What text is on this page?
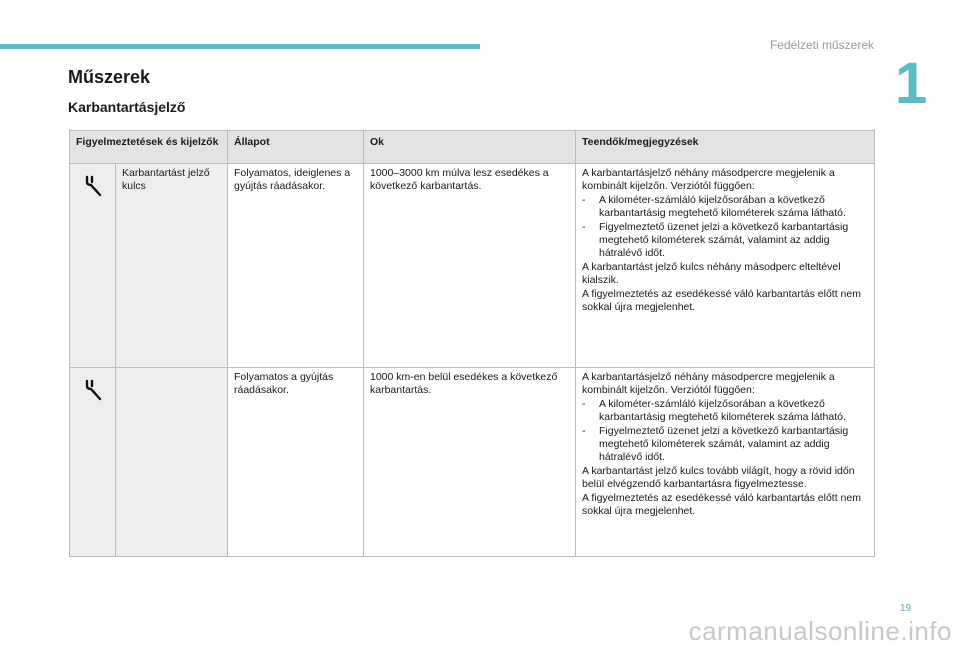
Fedélzeti műszerek
1
Műszerek
Karbantartásjelző
Figyelmeztetések és kijelzők		Állapot	Ok	Teendők/megjegyzések
	Karbantartást jelző kulcs	Folyamatos, ideiglenes a gyújtás ráadásakor.	1000–3000 km múlva lesz esedékes a következő karbantartás.	A karbantartásjelző néhány másodpercre megjelenik a kombinált kijelzőn. Verziótól függően:
- A kilométer-számláló kijelzősorában a következő karbantartásig megtehető kilométerek száma látható.
- Figyelmeztető üzenet jelzi a következő karbantartásig megtehető kilométerek számát, valamint az addig hátralévő időt.
A karbantartást jelző kulcs néhány másodperc elteltével kialszik.
A figyelmeztetés az esedékessé váló karbantartás előtt nem sokkal újra megjelenhet.

		Folyamatos a gyújtás ráadásakor.	1000 km-en belül esedékes a következő karbantartás.	A karbantartásjelző néhány másodpercre megjelenik a kombinált kijelzőn. Verziótól függően:
- A kilométer-számláló kijelzősorában a következő karbantartásig megtehető kilométerek száma látható.
- Figyelmeztető üzenet jelzi a következő karbantartásig megtehető kilométerek számát, valamint az addig hátralévő időt.
A karbantartást jelző kulcs tovább világít, hogy a rövid időn belül elvégzendő karbantartásra figyelmeztesse.
A figyelmeztetés az esedékessé váló karbantartás előtt nem sokkal újra megjelenhet.
19
carmanualsonline.info
